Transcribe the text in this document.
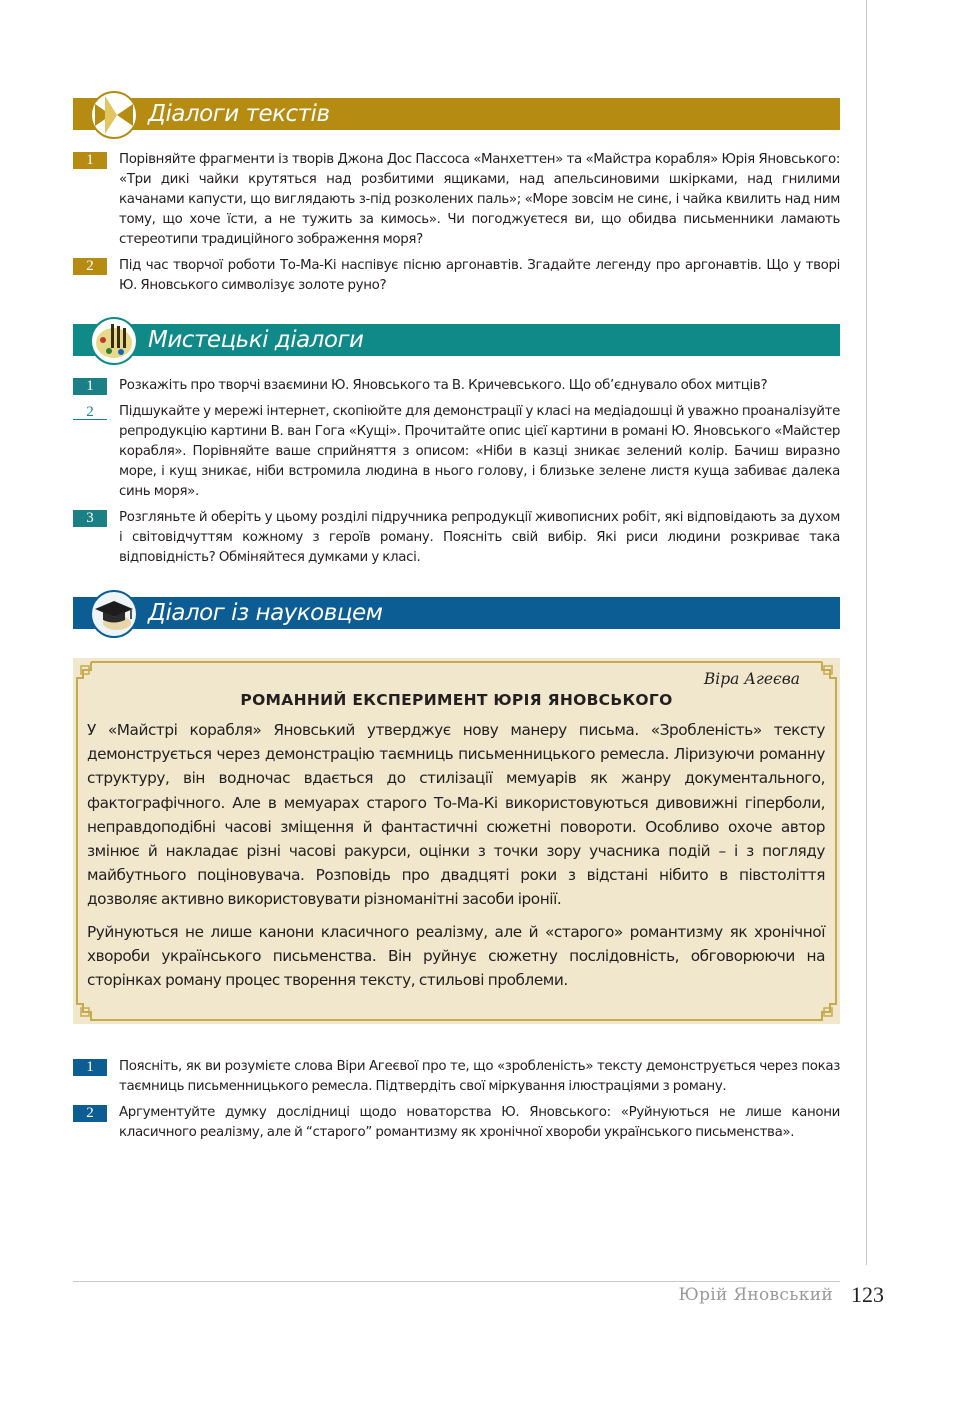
Діалоги текстів
1	Порівняйте фрагменти із творів Джона Дос Пассоса «Манхеттен» та «Майстра корабля» Юрія Яновського: «Три дикі чайки крутяться над розбитими ящиками, над апельсиновими шкірками, над гнилими качанами капусти, що виглядають з-під розколених паль»; «Море зовсім не синє, і чайка квилить над ним тому, що хоче їсти, а не тужить за кимось». Чи погоджуєтеся ви, що обидва письменники ламають стереотипи традиційного зображення моря?
2	Під час творчої роботи То-Ма-Кі наспівує пісню аргонавтів. Згадайте легенду про аргонавтів. Що у творі Ю. Яновського символізує золоте руно?
Мистецькі діалоги
1	Розкажіть про творчі взаємини Ю. Яновського та В. Кричевського. Що об’єднувало обох митців?
2	Підшукайте у мережі інтернет, скопіюйте для демонстрації у класі на медіадошці й уважно проаналізуйте репродукцію картини В. ван Гога «Кущі». Прочитайте опис цієї картини в романі Ю. Яновського «Майстер корабля». Порівняйте ваше сприйняття з описом: «Ніби в казці зникає зелений колір. Бачиш виразно море, і кущ зникає, ніби встромила людина в нього голову, і близьке зелене листя куща забиває далека синь моря».
3	Розгляньте й оберіть у цьому розділі підручника репродукції живописних робіт, які відповідають за духом і світовідчуттям кожному з героїв роману. Поясніть свій вибір. Які риси людини розкриває така відповідність? Обміняйтеся думками у класі.
Діалог із науковцем
Віра Агеєва
РОМАННИЙ ЕКСПЕРИМЕНТ ЮРІЯ ЯНОВСЬКОГО

У «Майстрі корабля» Яновський утверджує нову манеру письма. «Зробленість» тексту демонструється через демонстрацію таємниць письменницького ремесла. Ліризуючи романну структуру, він водночас вдається до стилізації мемуарів як жанру документального, фактографічного. Але в мемуарах старого То-Ма-Кі використовуються дивовижні гіперболи, неправдоподібні часові зміщення й фантастичні сюжетні повороти. Особливо охоче автор змінює й накладає різні часові ракурси, оцінки з точки зору учасника подій – і з погляду майбутнього поціновувача. Розповідь про двадцяті роки з відстані нібито в півстоліття дозволяє активно використовувати різноманітні засоби іронії.

Руйнуються не лише канони класичного реалізму, але й «старого» романтизму як хронічної хвороби українського письменства. Він руйнує сюжетну послідовність, обговорюючи на сторінках роману процес творення тексту, стильові проблеми.

1	Поясніть, як ви розумієте слова Віри Агеєвої про те, що «зробленість» тексту демонструється через показ таємниць письменницького ремесла. Підтвердіть свої міркування ілюстраціями з роману.
2	Аргументуйте думку дослідниці щодо новаторства Ю. Яновського: «Руйнуються не лише канони класичного реалізму, але й “старого” романтизму як хронічної хвороби українського письменства».
Юрій Яновський 123
